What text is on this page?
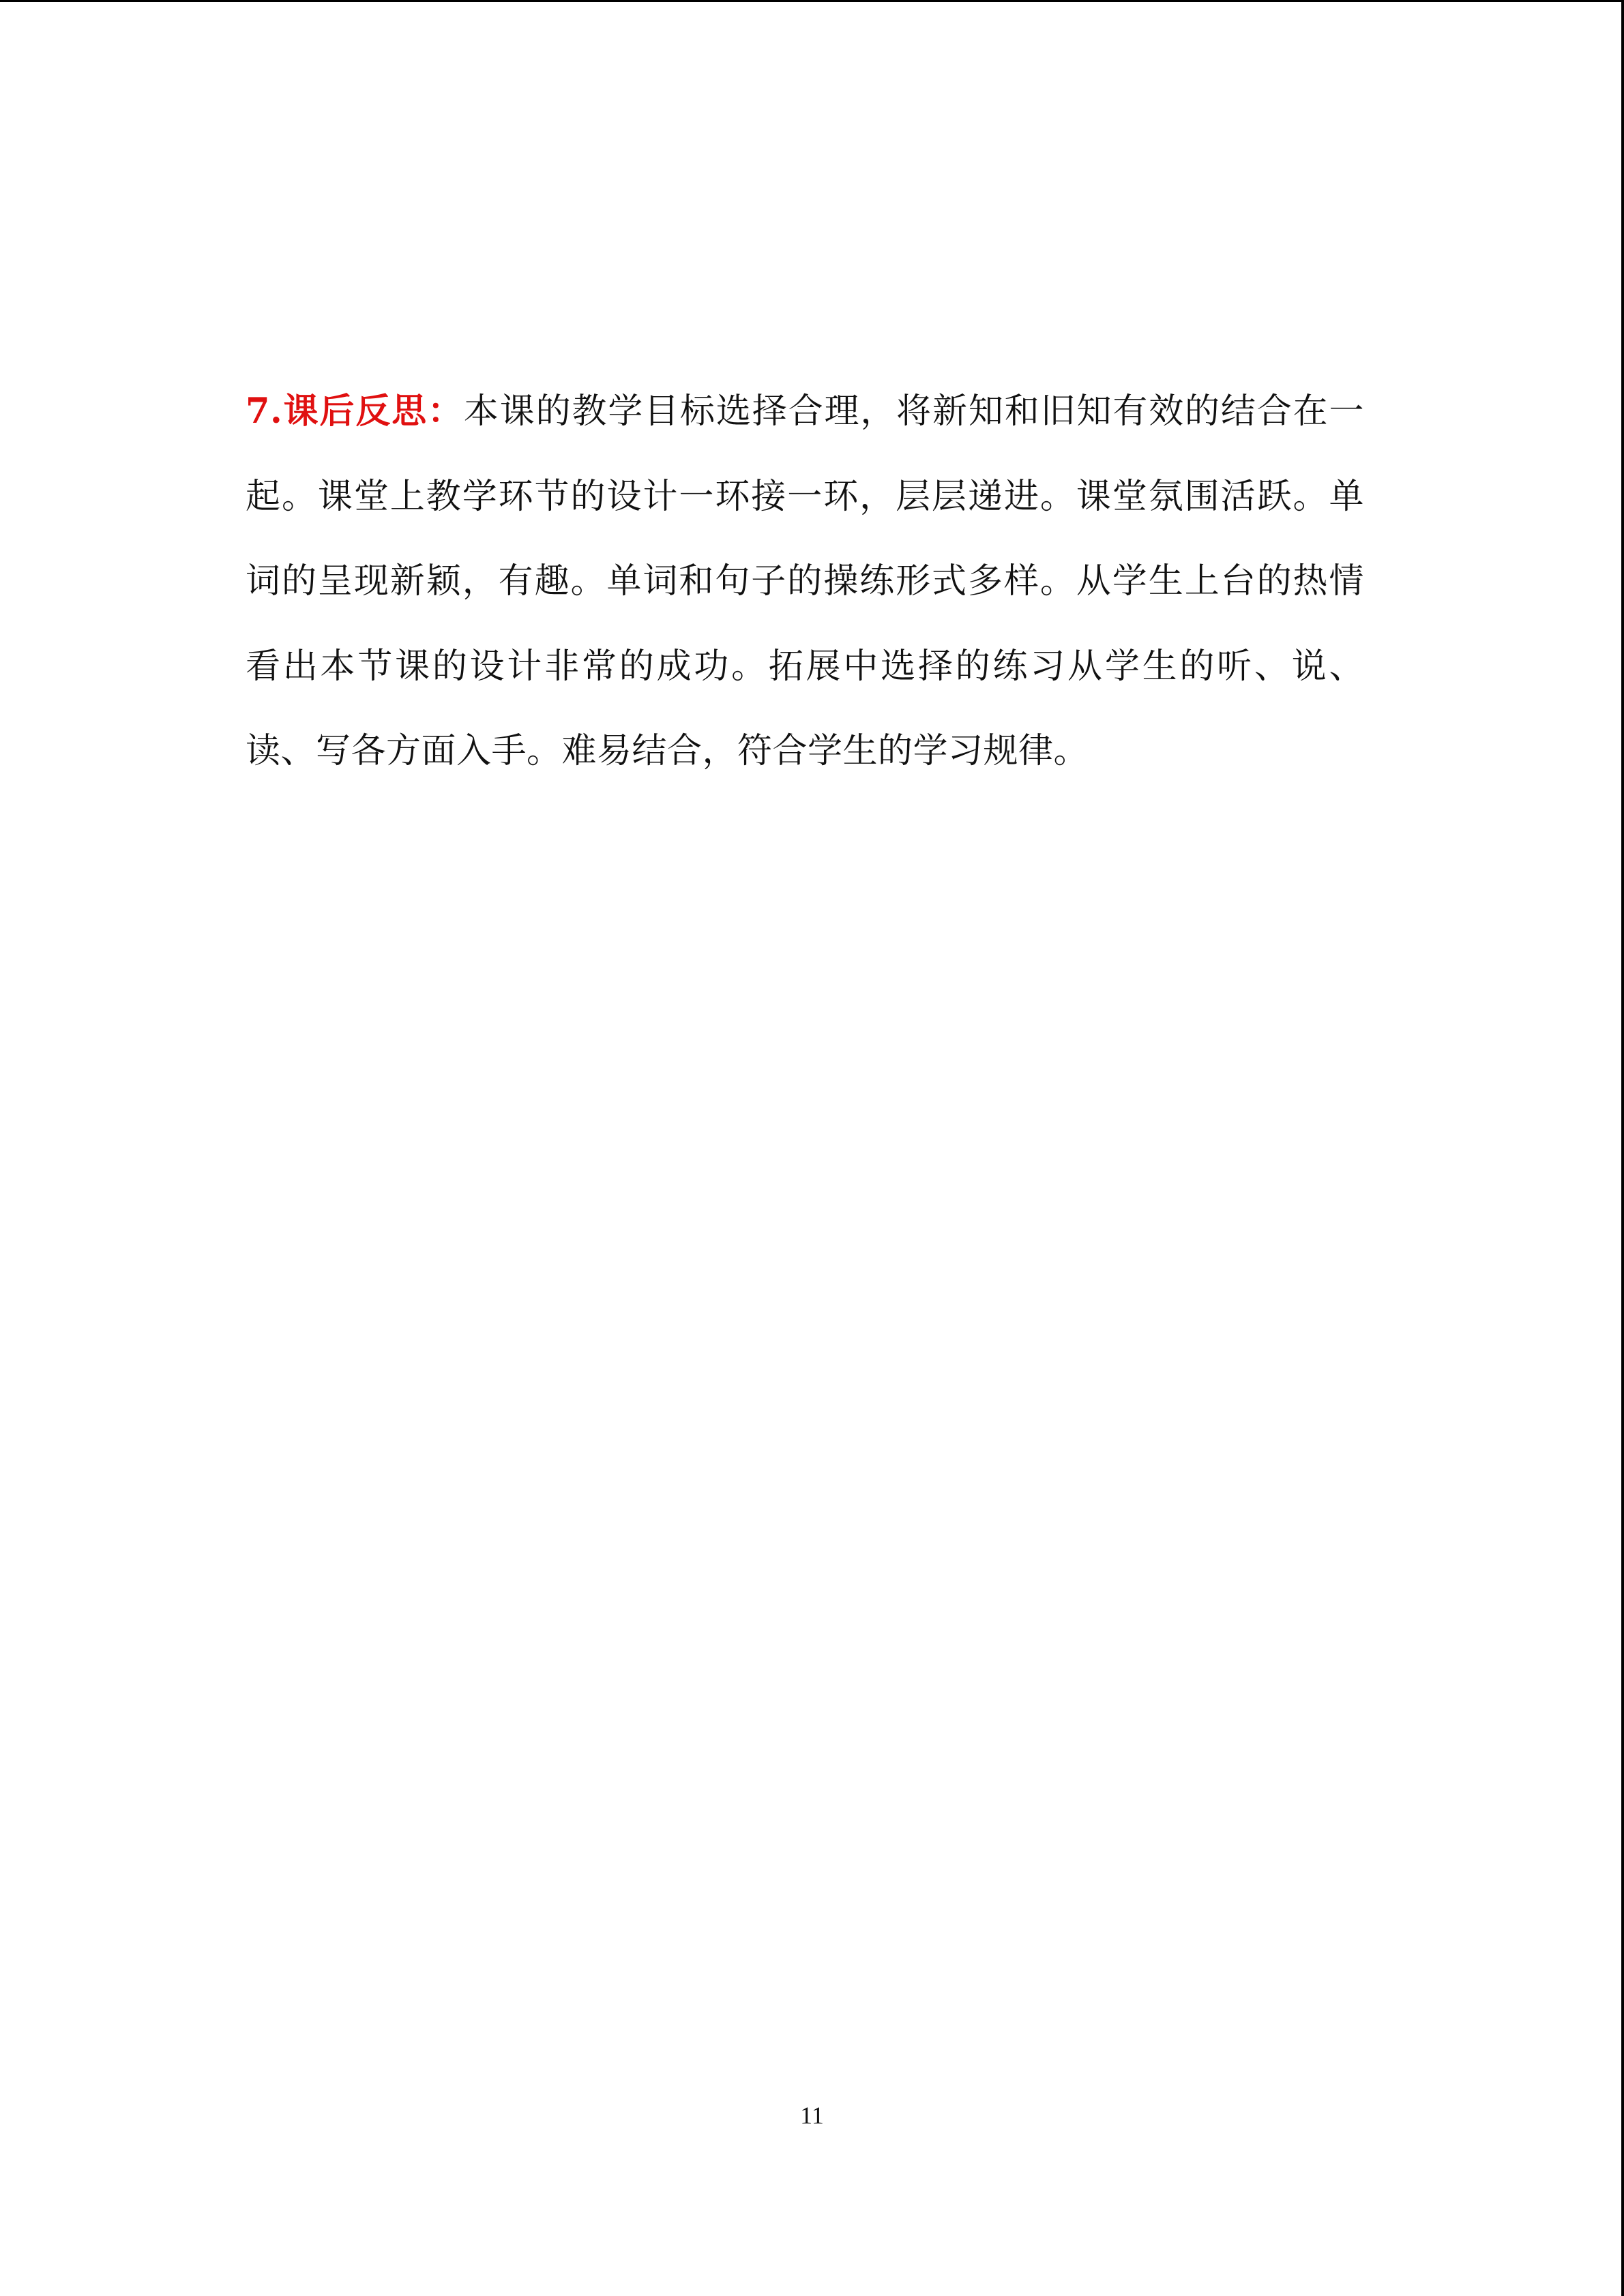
7.课后反思：本课的教学目标选择合理，将新知和旧知有效的结合在一起。课堂上教学环节的设计一环接一环，层层递进。课堂氛围活跃。单词的呈现新颖，有趣。单词和句子的操练形式多样。从学生上台的热情看出本节课的设计非常的成功。拓展中选择的练习从学生的听、说、读、写各方面入手。难易结合，符合学生的学习规律。

11
